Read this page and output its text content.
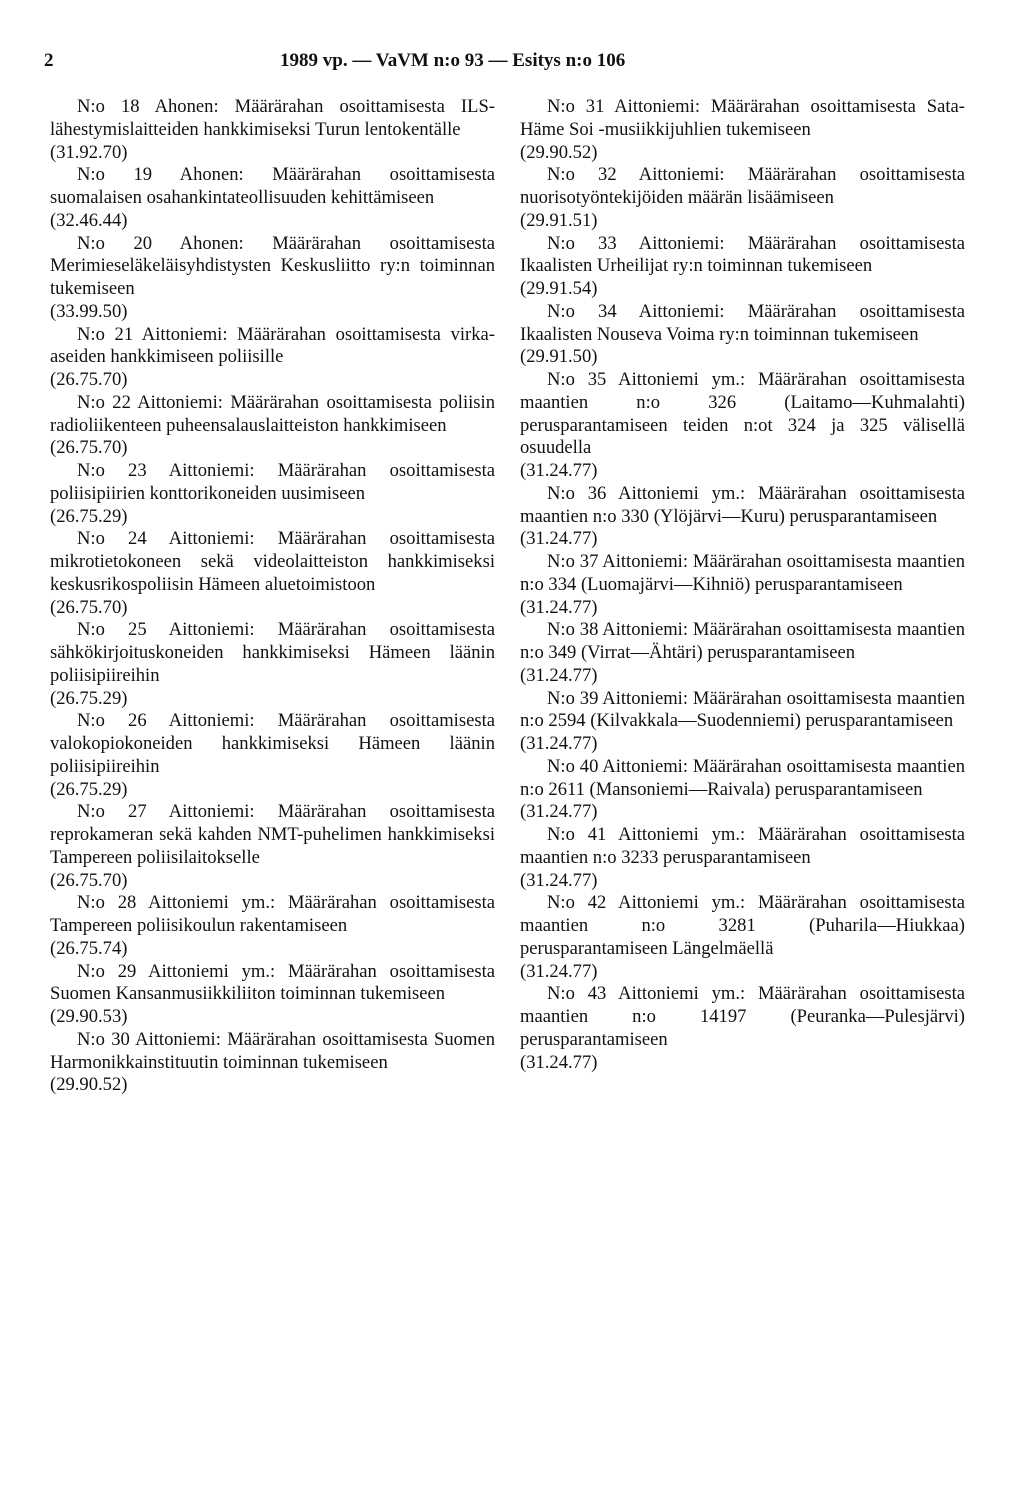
2	1989 vp. — VaVM n:o 93 — Esitys n:o 106
N:o 18 Ahonen: Määrärahan osoittamisesta ILS-lähestymislaitteiden hankkimiseksi Turun lentokentälle
(31.92.70)
N:o 19 Ahonen: Määrärahan osoittamisesta suomalaisen osahankintateollisuuden kehittämiseen
(32.46.44)
N:o 20 Ahonen: Määrärahan osoittamisesta Merimieseläkeläisyhdistysten Keskusliitto ry:n toiminnan tukemiseen
(33.99.50)
N:o 21 Aittoniemi: Määrärahan osoittamisesta virka-aseiden hankkimiseen poliisille
(26.75.70)
N:o 22 Aittoniemi: Määrärahan osoittamisesta poliisin radioliikenteen puheensalauslaitteiston hankkimiseen
(26.75.70)
N:o 23 Aittoniemi: Määrärahan osoittamisesta poliisipiirien konttorikoneiden uusimiseen
(26.75.29)
N:o 24 Aittoniemi: Määrärahan osoittamisesta mikrotietokoneen sekä videolaitteiston hankkimiseksi keskusrikospoliisin Hämeen aluetoimistoon
(26.75.70)
N:o 25 Aittoniemi: Määrärahan osoittamisesta sähkökirjoituskoneiden hankkimiseksi Hämeen läänin poliisipiireihin
(26.75.29)
N:o 26 Aittoniemi: Määrärahan osoittamisesta valokopiokoneiden hankkimiseksi Hämeen läänin poliisipiireihin
(26.75.29)
N:o 27 Aittoniemi: Määrärahan osoittamisesta reprokameran sekä kahden NMT-puhelimen hankkimiseksi Tampereen poliisilaitokselle
(26.75.70)
N:o 28 Aittoniemi ym.: Määrärahan osoittamisesta Tampereen poliisikoulun rakentamiseen
(26.75.74)
N:o 29 Aittoniemi ym.: Määrärahan osoittamisesta Suomen Kansanmusiikkiliiton toiminnan tukemiseen
(29.90.53)
N:o 30 Aittoniemi: Määrärahan osoittamisesta Suomen Harmonikkainstituutin toiminnan tukemiseen
(29.90.52)
N:o 31 Aittoniemi: Määrärahan osoittamisesta Sata-Häme Soi -musiikkijuhlien tukemiseen
(29.90.52)
N:o 32 Aittoniemi: Määrärahan osoittamisesta nuorisotyöntekijöiden määrän lisäämiseen
(29.91.51)
N:o 33 Aittoniemi: Määrärahan osoittamisesta Ikaalisten Urheilijat ry:n toiminnan tukemiseen
(29.91.54)
N:o 34 Aittoniemi: Määrärahan osoittamisesta Ikaalisten Nouseva Voima ry:n toiminnan tukemiseen
(29.91.50)
N:o 35 Aittoniemi ym.: Määrärahan osoittamisesta maantien n:o 326 (Laitamo—Kuhmalahti) perusparantamiseen teiden n:ot 324 ja 325 välisellä osuudella
(31.24.77)
N:o 36 Aittoniemi ym.: Määrärahan osoittamisesta maantien n:o 330 (Ylöjärvi—Kuru) perusparantamiseen
(31.24.77)
N:o 37 Aittoniemi: Määrärahan osoittamisesta maantien n:o 334 (Luomajärvi—Kihniö) perusparantamiseen
(31.24.77)
N:o 38 Aittoniemi: Määrärahan osoittamisesta maantien n:o 349 (Virrat—Ähtäri) perusparantamiseen
(31.24.77)
N:o 39 Aittoniemi: Määrärahan osoittamisesta maantien n:o 2594 (Kilvakkala—Suodenniemi) perusparantamiseen
(31.24.77)
N:o 40 Aittoniemi: Määrärahan osoittamisesta maantien n:o 2611 (Mansoniemi—Raivala) perusparantamiseen
(31.24.77)
N:o 41 Aittoniemi ym.: Määrärahan osoittamisesta maantien n:o 3233 perusparantamiseen
(31.24.77)
N:o 42 Aittoniemi ym.: Määrärahan osoittamisesta maantien n:o 3281 (Puharila—Hiukkaa) perusparantamiseen Längelmäellä
(31.24.77)
N:o 43 Aittoniemi ym.: Määrärahan osoittamisesta maantien n:o 14197 (Peuranka—Pulesjärvi) perusparantamiseen
(31.24.77)
